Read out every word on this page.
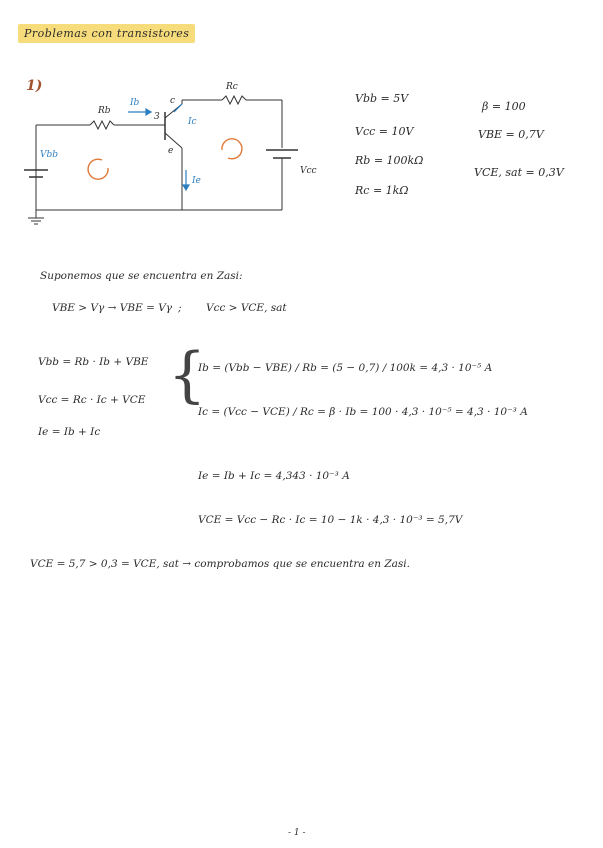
Problemas con transistores
1)	Rc
Rb
Ib
Ic
Ie
Vbb
Vcc
3
c
e
Vbb = 5V
Vcc = 10V
Rb = 100kΩ
Rc = 1kΩ
β = 100
VBE = 0,7V
VCE, sat = 0,3V
Suponemos que se encuentra en Zasi:
VBE > Vγ → VBE = Vγ ; Vcc > VCE, sat
Vbb = Rb · Ib + VBE
Vcc = Rc · Ic + VCE
Ie = Ib + Ic
{
Ib = (Vbb − VBE) / Rb = (5 − 0,7) / 100k = 4,3 · 10⁻⁵ A
Ic = (Vcc − VCE) / Rc = β · Ib = 100 · 4,3 · 10⁻⁵ = 4,3 · 10⁻³ A
Ie = Ib + Ic = 4,343 · 10⁻³ A
VCE = Vcc − Rc · Ic = 10 − 1k · 4,3 · 10⁻³ = 5,7V
VCE = 5,7 > 0,3 = VCE, sat → comprobamos que se encuentra en Zasi.
- 1 -
